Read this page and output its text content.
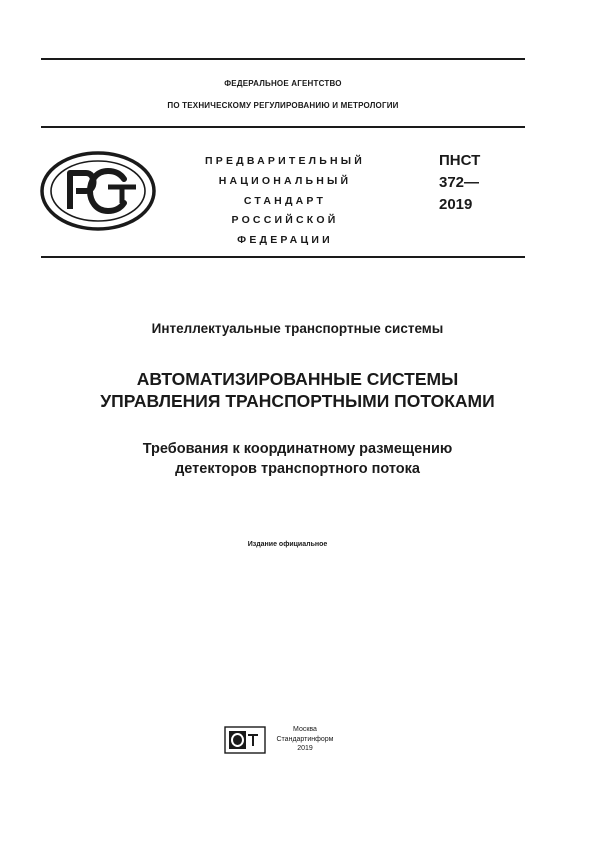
ФЕДЕРАЛЬНОЕ АГЕНТСТВО
ПО ТЕХНИЧЕСКОМУ РЕГУЛИРОВАНИЮ И МЕТРОЛОГИИ
ПРЕДВАРИТЕЛЬНЫЙ
НАЦИОНАЛЬНЫЙ
СТАНДАРТ
РОССИЙСКОЙ
ФЕДЕРАЦИИ
ПНСТ
372—
2019
Интеллектуальные транспортные системы
АВТОМАТИЗИРОВАННЫЕ СИСТЕМЫ
УПРАВЛЕНИЯ ТРАНСПОРТНЫМИ ПОТОКАМИ
Требования к координатному размещению
детекторов транспортного потока
Издание официальное
Москва
Стандартинформ
2019
